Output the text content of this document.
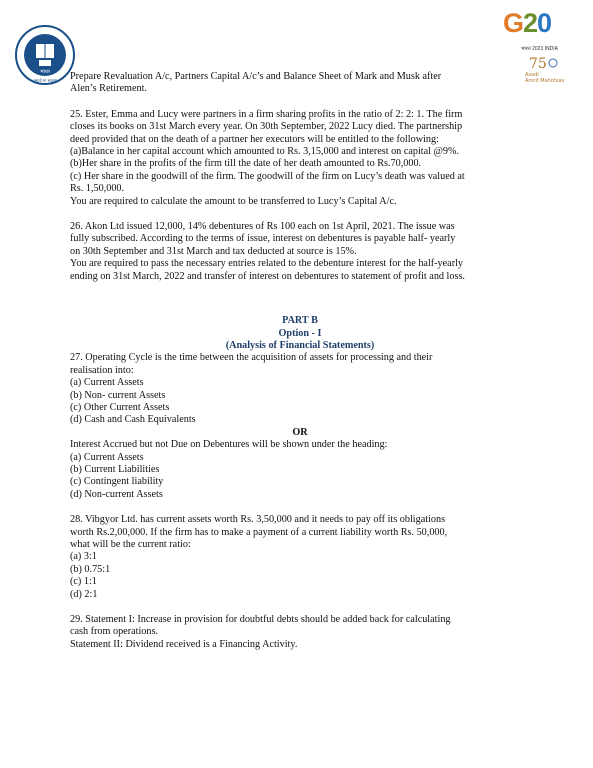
भारत
असतो मा सद्गमय
G20
भारत 2023 INDIA
75
Azadi
Amrit Mahotsav

Prepare Revaluation A/c, Partners Capital A/c’s and Balance Sheet of Mark and Musk after

Alen’s Retirement.

25. Ester, Emma and Lucy were partners in a firm sharing profits in the ratio of 2: 2: 1. The firm

closes its books on 31st March every year. On 30th September, 2022 Lucy died. The partnership

deed provided that on the death of a partner her executors will be entitled to the following:

(a)Balance in her capital account which amounted to Rs. 3,15,000 and interest on capital @9%.

(b)Her share in the profits of the firm till the date of her death amounted to Rs.70,000.

(c) Her share in the goodwill of the firm. The goodwill of the firm on Lucy’s death was valued at

Rs. 1,50,000.

You are required to calculate the amount to be transferred to Lucy’s Capital A/c.

26. Akon Ltd issued 12,000, 14% debentures of Rs 100 each on 1st April, 2021. The issue was

fully subscribed. According to the terms of issue, interest on debentures is payable half- yearly

on 30th September and 31st March and tax deducted at source is 15%.

You are required to pass the necessary entries related to the debenture interest for the half-yearly

ending on 31st March, 2022 and transfer of interest on debentures to statement of profit and loss.

PART B

Option - I

(Analysis of Financial Statements)

27. Operating Cycle is the time between the acquisition of assets for processing and their

realisation into:

(a) Current Assets

(b) Non- current Assets

(c) Other Current Assets

(d) Cash and Cash Equivalents

OR

Interest Accrued but not Due on Debentures will be shown under the heading:

(a) Current Assets

(b) Current Liabilities

(c) Contingent liability

(d) Non-current Assets

28. Vibgyor Ltd. has current assets worth Rs. 3,50,000 and it needs to pay off its obligations

worth Rs.2,00,000. If the firm has to make a payment of a current liability worth Rs. 50,000,

what will be the current ratio:

(a) 3:1

(b) 0.75:1

(c) 1:1

(d) 2:1

29. Statement I: Increase in provision for doubtful debts should be added back for calculating

cash from operations.

Statement II: Dividend received is a Financing Activity.
